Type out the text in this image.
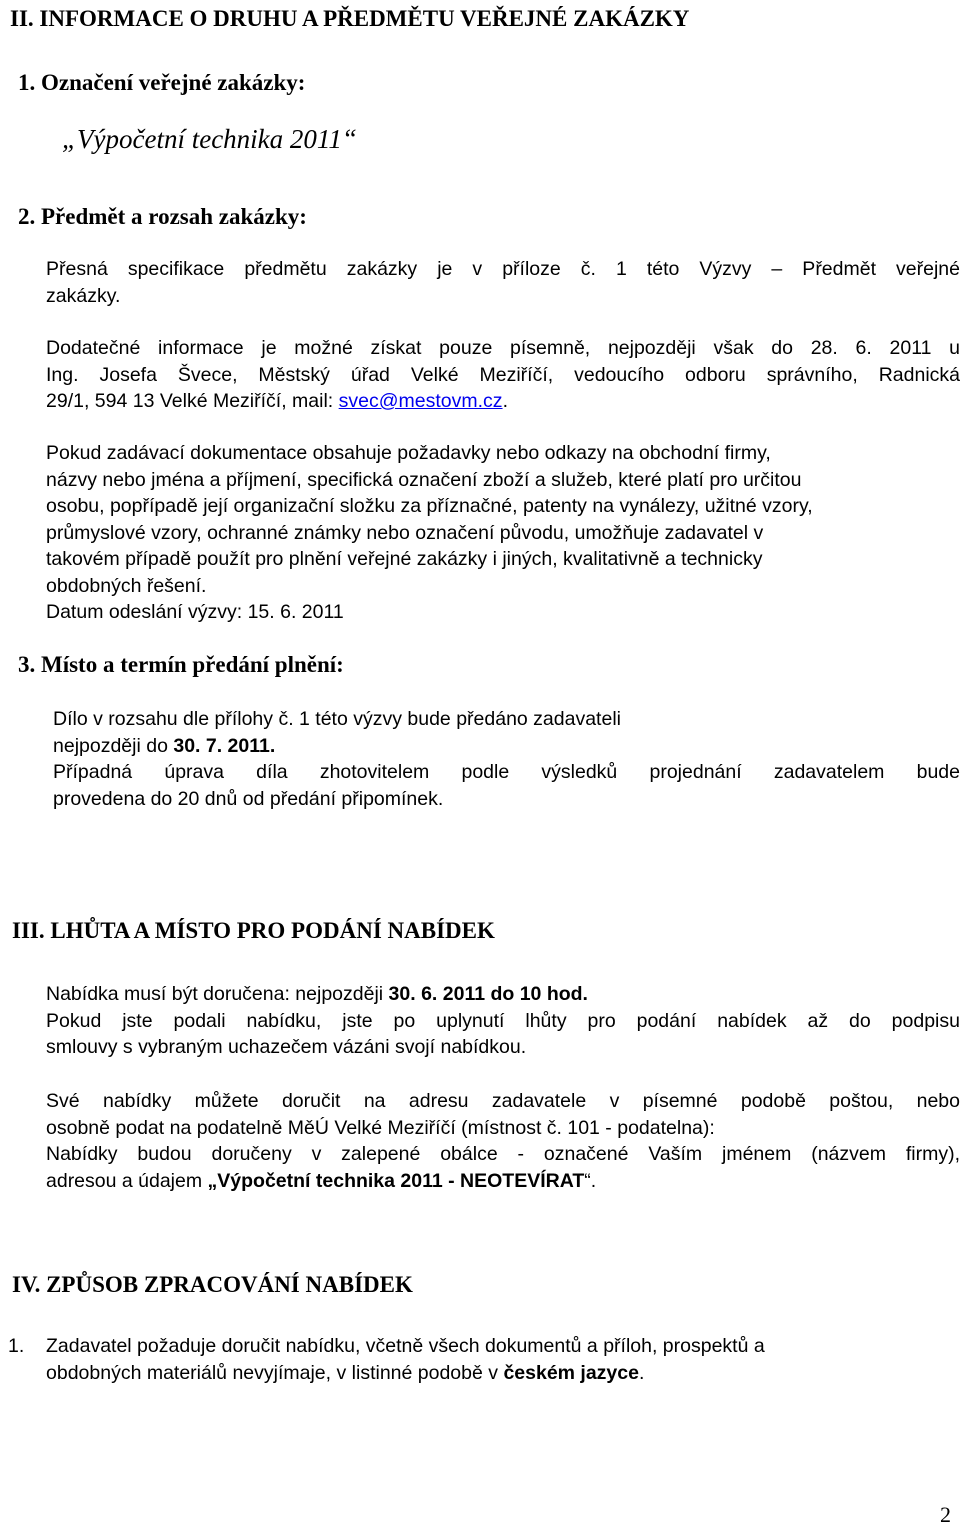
II. INFORMACE O DRUHU A PŘEDMĚTU VEŘEJNÉ ZAKÁZKY
1. Označení veřejné zakázky:
„Výpočetní technika 2011“
2. Předmět a rozsah zakázky:
Přesná specifikace předmětu zakázky je v příloze č. 1 této Výzvy – Předmět veřejné
zakázky.
Dodatečné informace je možné získat pouze písemně, nejpozději však do 28. 6. 2011 u
Ing. Josefa Švece, Městský úřad Velké Meziříčí, vedoucího odboru správního, Radnická
29/1, 594 13 Velké Meziříčí, mail: svec@mestovm.cz.
Pokud zadávací dokumentace obsahuje požadavky nebo odkazy na obchodní firmy,
názvy nebo jména a příjmení, specifická označení zboží a služeb, které platí pro určitou
osobu, popřípadě její organizační složku za příznačné, patenty na vynálezy, užitné vzory,
průmyslové vzory, ochranné známky nebo označení původu, umožňuje zadavatel v
takovém případě použít pro plnění veřejné zakázky i jiných, kvalitativně a technicky
obdobných řešení.
Datum odeslání výzvy: 15. 6. 2011
3. Místo a termín předání plnění:
Dílo v rozsahu dle přílohy č. 1 této výzvy bude předáno zadavateli
nejpozději do 30. 7. 2011.
Případná úprava díla zhotovitelem podle výsledků projednání zadavatelem bude
provedena do 20 dnů od předání připomínek.
III. LHŮTA A MÍSTO PRO PODÁNÍ NABÍDEK
Nabídka musí být doručena: nejpozději 30. 6. 2011 do 10 hod.
Pokud jste podali nabídku, jste po uplynutí lhůty pro podání nabídek až do podpisu
smlouvy s vybraným uchazečem vázáni svojí nabídkou.
Své nabídky můžete doručit na adresu zadavatele v písemné podobě poštou, nebo
osobně podat na podatelně MěÚ Velké Meziříčí (místnost č. 101 - podatelna):
Nabídky budou doručeny v zalepené obálce - označené Vaším jménem (názvem firmy),
adresou a údajem „Výpočetní technika 2011 - NEOTEVÍRAT“.
IV. ZPŮSOB ZPRACOVÁNÍ NABÍDEK
1. Zadavatel požaduje doručit nabídku, včetně všech dokumentů a příloh, prospektů a
obdobných materiálů nevyjímaje, v listinné podobě v českém jazyce.
2
